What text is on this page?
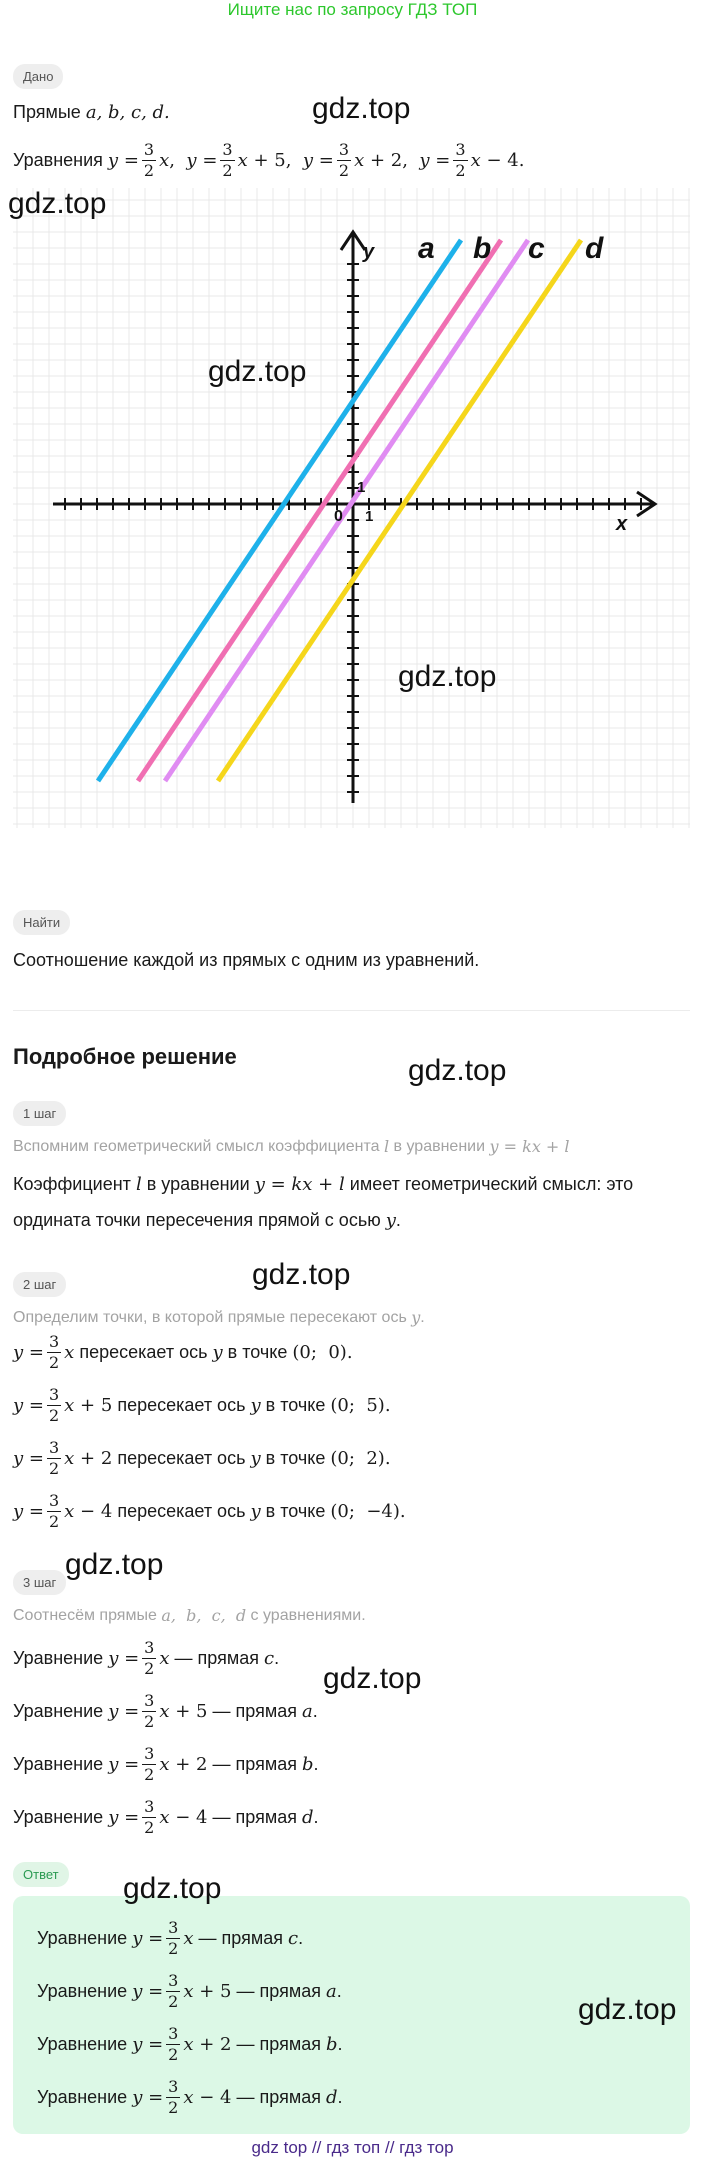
Ищите нас по запросу ГДЗ ТОП
Дано
Прямые
a, b, c, d.
Уравнения
$y = \frac{3}{2}$ x , $y = \frac{3}{2}$ x + 5, $y = \frac{3}{2}$ x + 2, $y = \frac{3}{2}$ x − 4.
a b c d
y
x
0 1
1
Найти
Соотношение каждой из прямых с одним из уравнений.
Подробное решение
1 шаг
Вспомним геометрический смысл коэффициента
l
в уравнении
y = kx + l
Коэффициент
l
в уравнении
y = kx + l
имеет геометрический смысл: это
ордината точки пересечения прямой с осью
y .
2 шаг
Определим точки, в которой прямые пересекают ось
y .
$y = \frac{3}{2}$ x
пересекает ось
y
в точке
(0;  0).
$y = \frac{3}{2}$ x + 5
пересекает ось
y
в точке
(0;  5).
$y = \frac{3}{2}$ x + 2
пересекает ось
y
в точке
(0;  2).
$y = \frac{3}{2}$ x − 4
пересекает ось
y
в точке
(0;  −4).
3 шаг
Соотнесём прямые
a,  b,  c,  d
с уравнениями.
Уравнение
$y = \frac{3}{2}$ x
— прямая
c .
Уравнение
$y = \frac{3}{2}$ x + 5
— прямая
a .
Уравнение
$y = \frac{3}{2}$ x + 2
— прямая
b .
Уравнение
$y = \frac{3}{2}$ x − 4
— прямая
d .
Ответ
Уравнение
$y = \frac{3}{2}$ x
— прямая
c .
Уравнение
$y = \frac{3}{2}$ x + 5
— прямая
a .
Уравнение
$y = \frac{3}{2}$ x + 2
— прямая
b .
Уравнение
$y = \frac{3}{2}$ x − 4
— прямая
d .
gdz.top
gdz.top
gdz.top
gdz.top
gdz.top
gdz.top
gdz.top
gdz.top
gdz.top
gdz.top
gdz top // гдз топ // гдз тор
